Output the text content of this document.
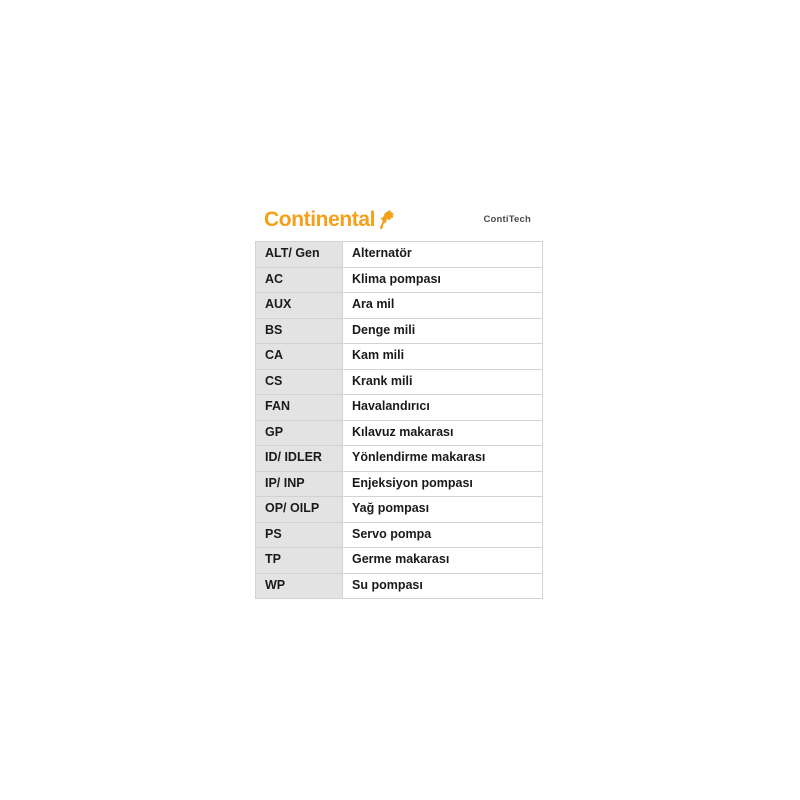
Continental	ContiTech
ALT/ Gen	Alternatör
AC	Klima pompası
AUX	Ara mil
BS	Denge mili
CA	Kam mili
CS	Krank mili
FAN	Havalandırıcı
GP	Kılavuz makarası
ID/ IDLER	Yönlendirme makarası
IP/ INP	Enjeksiyon pompası
OP/ OILP	Yağ pompası
PS	Servo pompa
TP	Germe makarası
WP	Su pompası
